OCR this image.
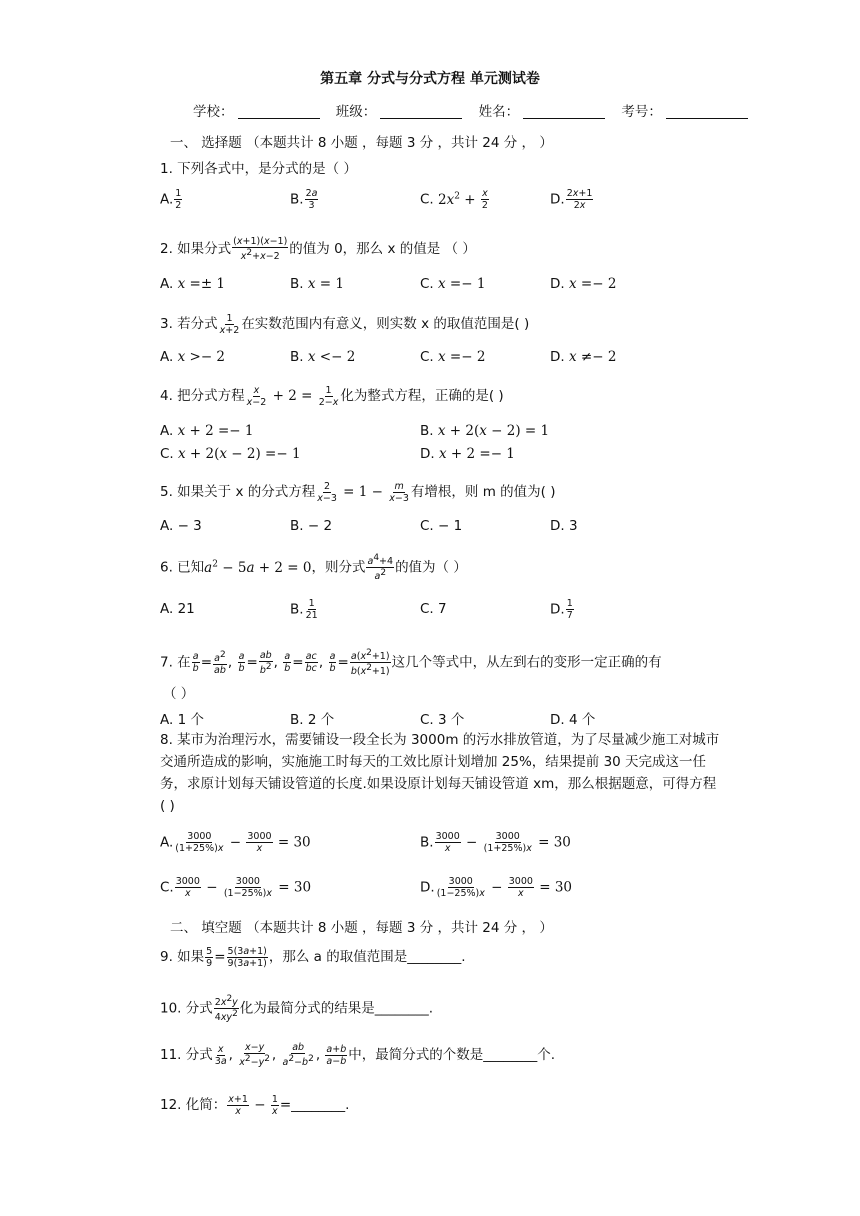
第五章 分式与分式方程 单元测试卷
学校：	班级：	姓名：	考号：
一、 选择题 （本题共计 8 小题 ，每题 3 分 ，共计 24 分 ， ）
1. 下列各式中，是分式的是（ ）
A. $\frac{1}{2}$	B. $\frac{2a}{3}$	C. $2x^2 + \frac{x}{2}$	D. $\frac{2x+1}{2x}$
2. 如果分式 $\frac{(x+1)(x-1)}{x^2+x-2}$ 的值为 0，那么 x 的值是 （ ）
A. x =± 1	B. x = 1	C. x =− 1	D. x =− 2
3. 若分式 $\frac{1}{x+2}$ 在实数范围内有意义，则实数 x 的取值范围是( )
A. x >− 2	B. x <− 2	C. x =− 2	D. x ≠− 2
4. 把分式方程 $\frac{x}{x-2} + 2 = \frac{1}{2-x}$ 化为整式方程，正确的是( )
A. x + 2 =− 1	B. x + 2(x − 2) = 1
C. x + 2(x − 2) =− 1	D. x + 2 =− 1
5. 如果关于 x 的分式方程 $\frac{2}{x-3} = 1 - \frac{m}{x-3}$ 有增根，则 m 的值为( )
A. − 3	B. − 2	C. − 1	D. 3
6. 已知$a^2 - 5a + 2 = 0$，则分式 $\frac{a^4+4}{a^2}$ 的值为（ ）
A. 21	B. $\frac{1}{21}$	C. 7	D. $\frac{1}{7}$
7. 在 $\frac{a}{b} = \frac{a^2}{ab}$ , $\frac{a}{b} = \frac{ab}{b^2}$ , $\frac{a}{b} = \frac{ac}{bc}$ , $\frac{a}{b} = \frac{a(x^2+1)}{b(x^2+1)}$ 这几个等式中，从左到右的变形一定正确的有
（ ）
A. 1 个	B. 2 个	C. 3 个	D. 4 个
8. 某市为治理污水，需要铺设一段全长为 3000m 的污水排放管道，为了尽量减少施工对城市交通所造成的影响，实施施工时每天的工效比原计划增加 25%，结果提前 30 天完成这一任务，求原计划每天铺设管道的长度.如果设原计划每天铺设管道 xm，那么根据题意，可得方程( )
A. $\frac{3000}{(1+25\%)x} - \frac{3000}{x} = 30$	B. $\frac{3000}{x} - \frac{3000}{(1+25\%)x} = 30$
C. $\frac{3000}{x} - \frac{3000}{(1-25\%)x} = 30$	D. $\frac{3000}{(1-25\%)x} - \frac{3000}{x} = 30$
二、 填空题 （本题共计 8 小题 ，每题 3 分 ，共计 24 分 ， ）
9. 如果 $\frac{5}{9} = \frac{5(3a+1)}{9(3a+1)}$ ，那么 a 的取值范围是________.
10. 分式 $\frac{2x^2y}{4xy^2}$ 化为最简分式的结果是________.
11. 分式 $\frac{x}{3a}$ , $\frac{x-y}{x^2-y^2}$ , $\frac{ab}{a^2-b^2}$ , $\frac{a+b}{a-b}$ 中，最简分式的个数是________个.
12. 化简： $\frac{x+1}{x} - \frac{1}{x}$ =________.
